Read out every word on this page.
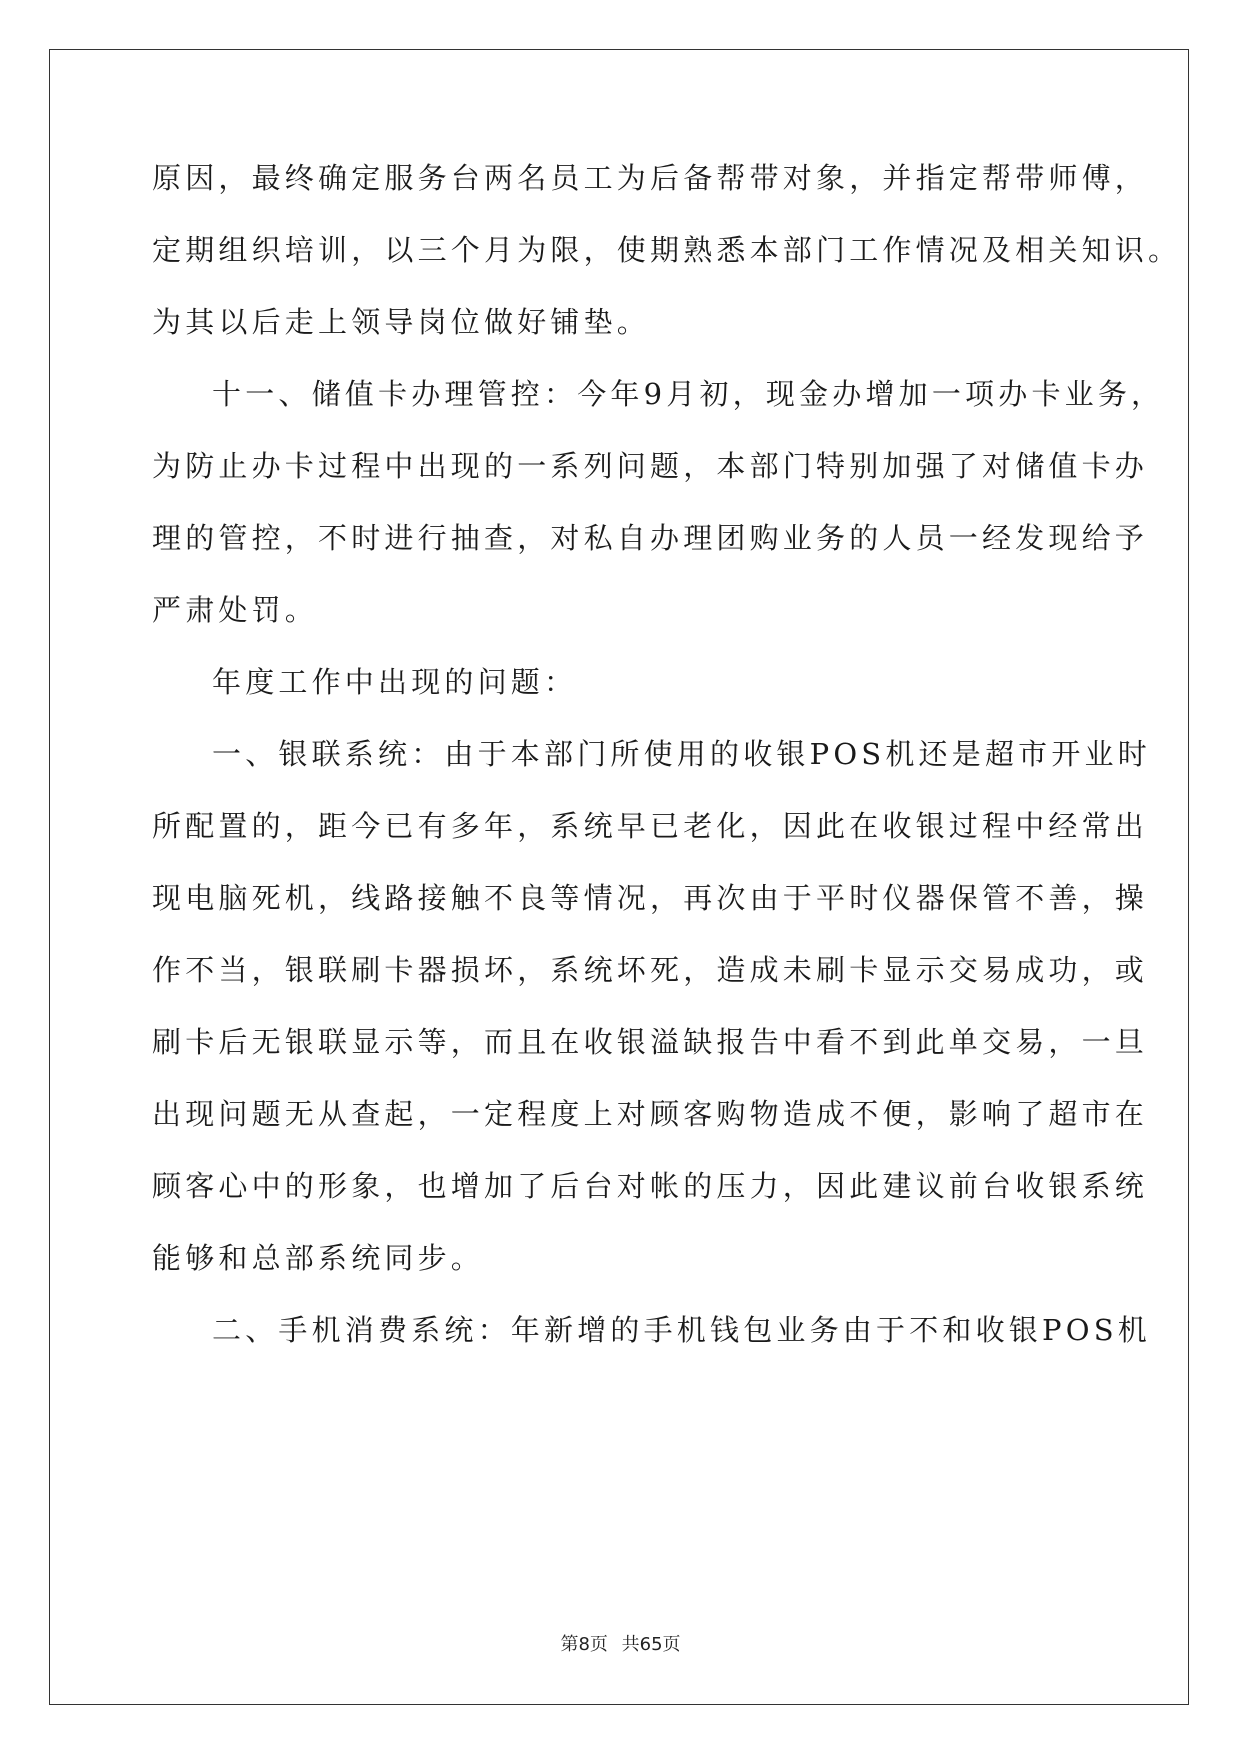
原因，最终确定服务台两名员工为后备帮带对象，并指定帮带师傅，
定期组织培训，以三个月为限，使期熟悉本部门工作情况及相关知识。
为其以后走上领导岗位做好铺垫。
十一、储值卡办理管控：今年9月初，现金办增加一项办卡业务，
为防止办卡过程中出现的一系列问题，本部门特别加强了对储值卡办
理的管控，不时进行抽查，对私自办理团购业务的人员一经发现给予
严肃处罚。
年度工作中出现的问题：
一、银联系统：由于本部门所使用的收银POS机还是超市开业时
所配置的，距今已有多年，系统早已老化，因此在收银过程中经常出
现电脑死机，线路接触不良等情况，再次由于平时仪器保管不善，操
作不当，银联刷卡器损坏，系统坏死，造成未刷卡显示交易成功，或
刷卡后无银联显示等，而且在收银溢缺报告中看不到此单交易，一旦
出现问题无从查起，一定程度上对顾客购物造成不便，影响了超市在
顾客心中的形象，也增加了后台对帐的压力，因此建议前台收银系统
能够和总部系统同步。
二、手机消费系统：年新增的手机钱包业务由于不和收银POS机
第8页 共65页
